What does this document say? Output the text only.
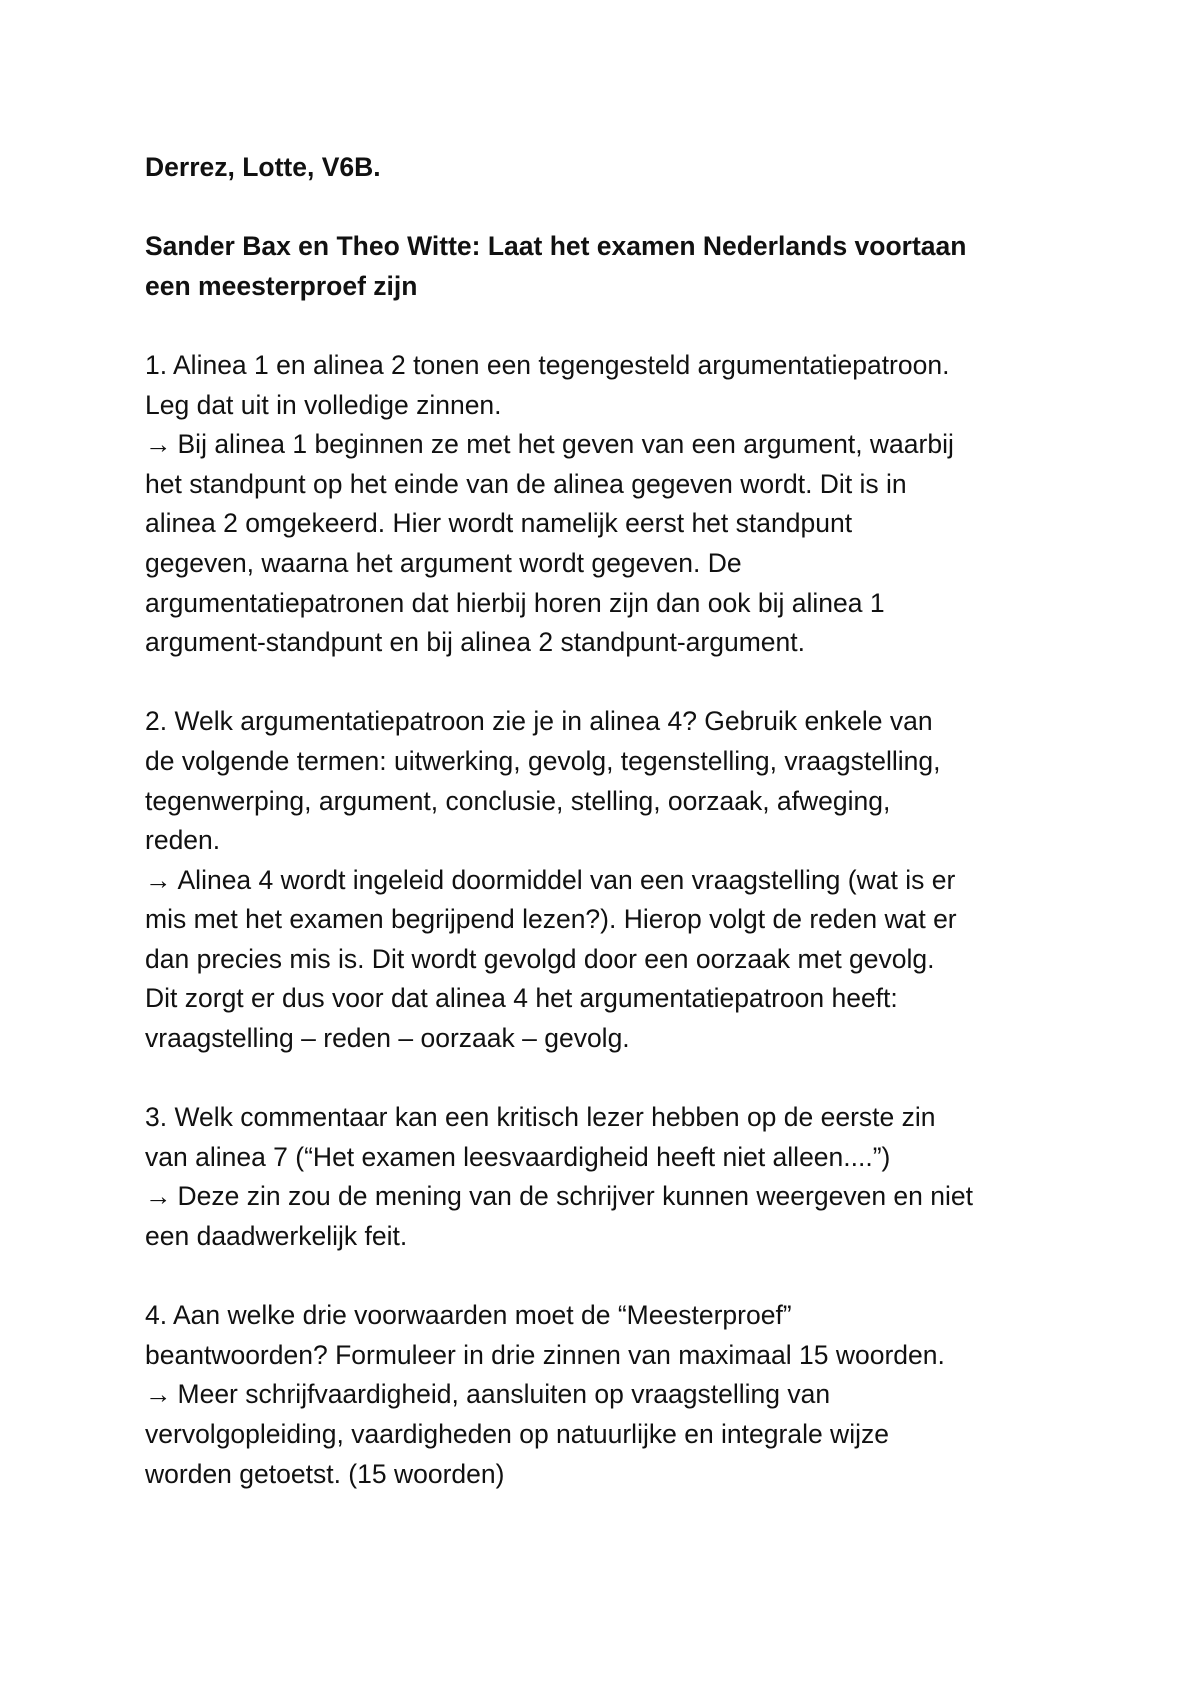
Derrez, Lotte, V6B.
Sander Bax en Theo Witte: Laat het examen Nederlands voortaan
een meesterproef zijn
1. Alinea 1 en alinea 2 tonen een tegengesteld argumentatiepatroon.
Leg dat uit in volledige zinnen.
→ Bij alinea 1 beginnen ze met het geven van een argument, waarbij
het standpunt op het einde van de alinea gegeven wordt. Dit is in
alinea 2 omgekeerd. Hier wordt namelijk eerst het standpunt
gegeven, waarna het argument wordt gegeven. De
argumentatiepatronen dat hierbij horen zijn dan ook bij alinea 1
argument-standpunt en bij alinea 2 standpunt-argument.
2. Welk argumentatiepatroon zie je in alinea 4? Gebruik enkele van
de volgende termen: uitwerking, gevolg, tegenstelling, vraagstelling,
tegenwerping, argument, conclusie, stelling, oorzaak, afweging,
reden.
→ Alinea 4 wordt ingeleid doormiddel van een vraagstelling (wat is er
mis met het examen begrijpend lezen?). Hierop volgt de reden wat er
dan precies mis is. Dit wordt gevolgd door een oorzaak met gevolg.
Dit zorgt er dus voor dat alinea 4 het argumentatiepatroon heeft:
vraagstelling – reden – oorzaak – gevolg.
3. Welk commentaar kan een kritisch lezer hebben op de eerste zin
van alinea 7 (“Het examen leesvaardigheid heeft niet alleen....”)
→ Deze zin zou de mening van de schrijver kunnen weergeven en niet
een daadwerkelijk feit.
4. Aan welke drie voorwaarden moet de “Meesterproef”
beantwoorden? Formuleer in drie zinnen van maximaal 15 woorden.
→ Meer schrijfvaardigheid, aansluiten op vraagstelling van
vervolgopleiding, vaardigheden op natuurlijke en integrale wijze
worden getoetst. (15 woorden)
